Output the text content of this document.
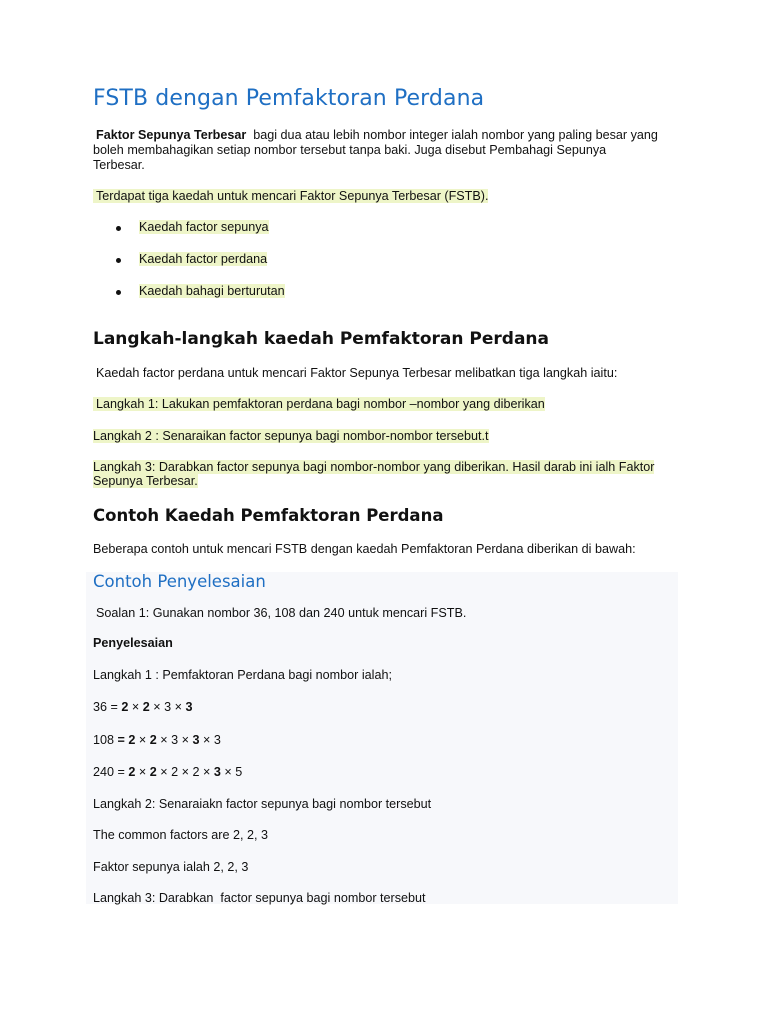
FSTB dengan Pemfaktoran Perdana
Faktor Sepunya Terbesar  bagi dua atau lebih nombor integer ialah nombor yang paling besar yang
boleh membahagikan setiap nombor tersebut tanpa baki. Juga disebut Pembahagi Sepunya
Terbesar.
Terdapat tiga kaedah untuk mencari Faktor Sepunya Terbesar (FSTB).
Kaedah factor sepunya
Kaedah factor perdana
Kaedah bahagi berturutan
Langkah-langkah kaedah Pemfaktoran Perdana
Kaedah factor perdana untuk mencari Faktor Sepunya Terbesar melibatkan tiga langkah iaitu:
Langkah 1: Lakukan pemfaktoran perdana bagi nombor –nombor yang diberikan
Langkah 2 : Senaraikan factor sepunya bagi nombor-nombor tersebut.t
Langkah 3: Darabkan factor sepunya bagi nombor-nombor yang diberikan. Hasil darab ini ialh Faktor
Sepunya Terbesar.
Contoh Kaedah Pemfaktoran Perdana
Beberapa contoh untuk mencari FSTB dengan kaedah Pemfaktoran Perdana diberikan di bawah:
Contoh Penyelesaian
Soalan 1: Gunakan nombor 36, 108 dan 240 untuk mencari FSTB.
Penyelesaian
Langkah 1 : Pemfaktoran Perdana bagi nombor ialah;
36 = 2 × 2 × 3 × 3
108 = 2 × 2 × 3 × 3 × 3
240 = 2 × 2 × 2 × 2 × 3 × 5
Langkah 2: Senaraiakn factor sepunya bagi nombor tersebut
The common factors are 2, 2, 3
Faktor sepunya ialah 2, 2, 3
Langkah 3: Darabkan  factor sepunya bagi nombor tersebut
